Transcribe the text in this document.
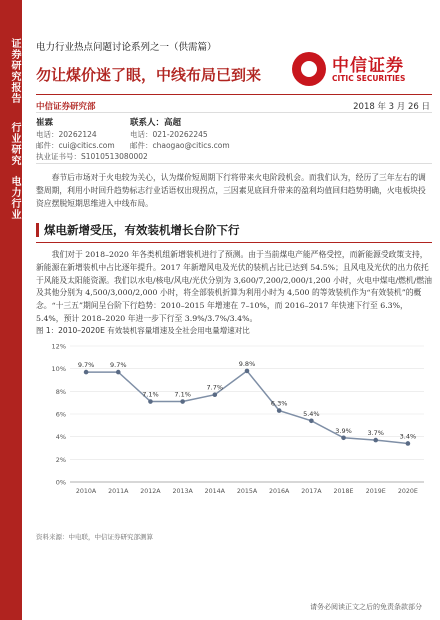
证券研究报告
行业研究
电力行业
电力行业热点问题讨论系列之一（供需篇）
勿让煤价迷了眼，中线布局已到来	中信证券
CITIC SECURITIES
中信证券研究部	2018 年 3 月 26 日
崔霖	联系人：高超
电话：20262124	电话：021-20262245
邮件：cui@citics.com 邮件：chaogao@citics.com
执业证书号：S1010513080002

春节后市场对于火电较为关心，认为煤价短周期下行将带来火电阶段机会。而我们认为，经历了三年左右的调整周期，利用小时回升趋势标志行业话语权出现拐点，三因素见底回升带来的盈利均值回归趋势明确，火电板块投资应摆脱短期思维进入中线布局。

煤电新增受压，有效装机增长台阶下行

我们对于 2018–2020 年各类机组新增装机进行了预测。由于当前煤电产能严格受控，而新能源受政策支持，新能源在新增装机中占比逐年提升。2017 年新增风电及光伏的装机占比已达到 54.5%；且风电及光伏的出力依托于风能及太阳能资源。我们以水电/核电/风电/光伏分别为 3,600/7,200/2,000/1,200 小时，火电中煤电/燃机/燃油及其他分别为 4,500/3,000/2,000 小时，将全部装机折算为利用小时为 4,500 的等效装机作为“有效装机”的概念。“十三五”期间呈台阶下行趋势：2010–2015 年增速在 7–10%，而 2016–2017 年快速下行至 6.3%，5.4%，预计 2018–2020 年进一步下行至 3.9%/3.7%/3.4%。

图 1：2010–2020E 有效装机容量增速及全社会用电量增速对比
0%
2%
4%
6%
8%
10%
12%
2010A 2011A 2012A 2013A 2014A 2015A 2016A 2017A 2018E 2019E 2020E
9.7% 9.7%
7.1% 7.1%
7.7%
9.8%
6.3%
5.4%
3.9% 3.7% 3.4%
资料来源：中电联，中信证券研究部测算
请务必阅读正文之后的免责条款部分
